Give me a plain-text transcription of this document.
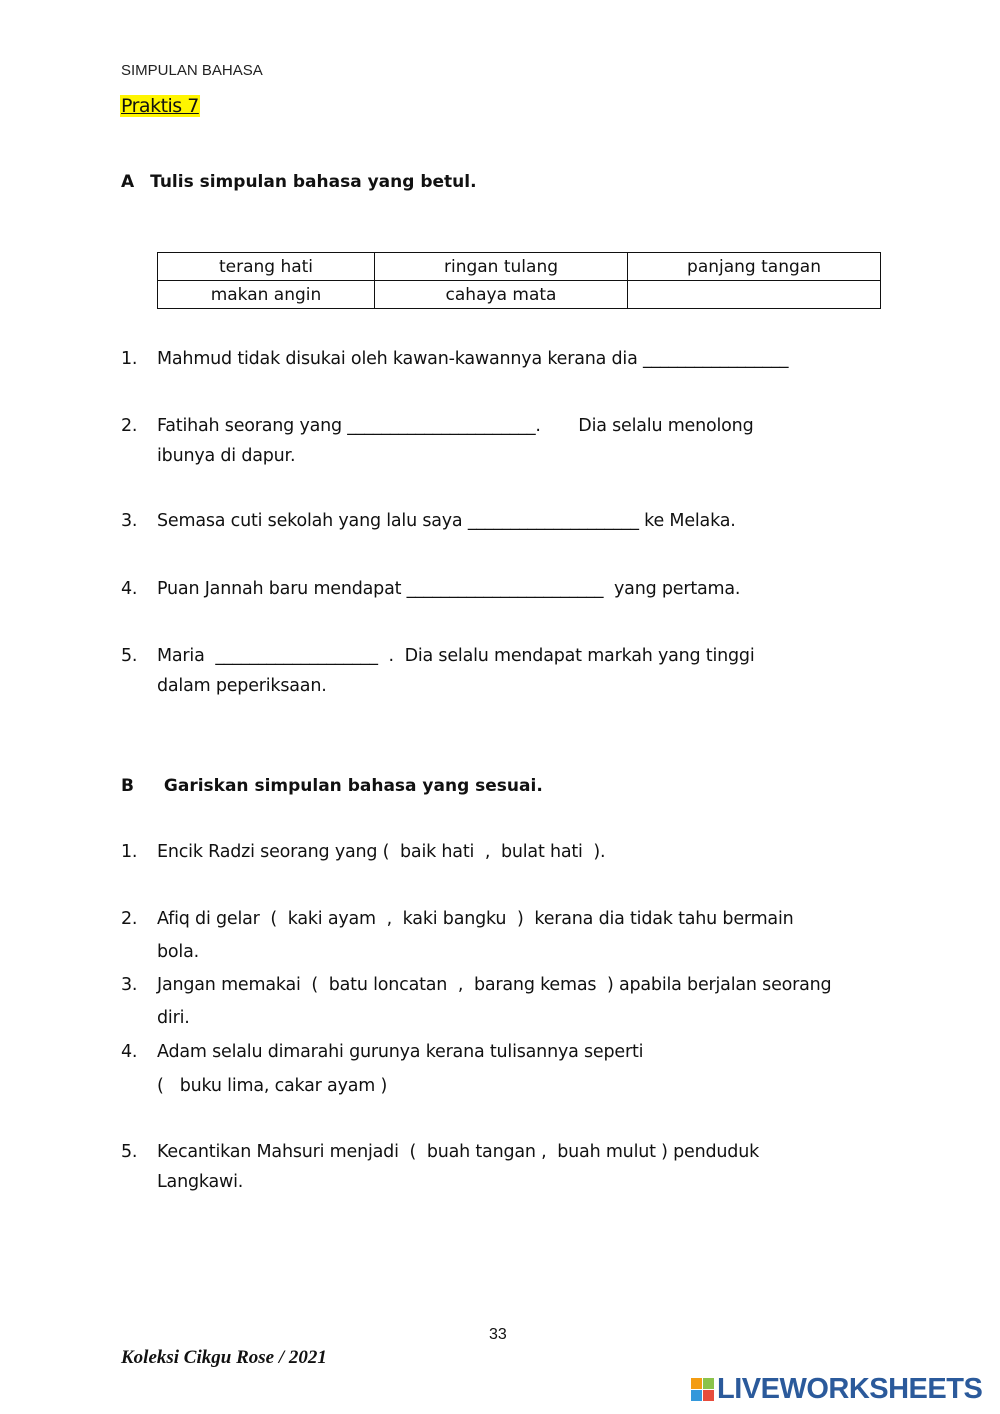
SIMPULAN BAHASA
Praktis 7
A Tulis simpulan bahasa yang betul.
terang hati	ringan tulang	panjang tangan
makan angin	cahaya mata	
1. Mahmud tidak disukai oleh kawan-kawannya kerana dia _________________
2. Fatihah seorang yang ______________________.       Dia selalu menolong
ibunya di dapur.
3. Semasa cuti sekolah yang lalu saya ____________________ ke Melaka.
4. Puan Jannah baru mendapat _______________________  yang pertama.
5. Maria  ___________________  .  Dia selalu mendapat markah yang tinggi
dalam peperiksaan.
B Gariskan simpulan bahasa yang sesuai.
1. Encik Radzi seorang yang (  baik hati  ,  bulat hati  ).
2. Afiq di gelar  (  kaki ayam  ,  kaki bangku  )  kerana dia tidak tahu bermain
bola.
3. Jangan memakai  (  batu loncatan  ,  barang kemas  ) apabila berjalan seorang
diri.
4. Adam selalu dimarahi gurunya kerana tulisannya seperti
(   buku lima, cakar ayam )
5. Kecantikan Mahsuri menjadi  (  buah tangan ,  buah mulut ) penduduk
Langkawi.
33
Koleksi Cikgu Rose / 2021
LIVEWORKSHEETS
